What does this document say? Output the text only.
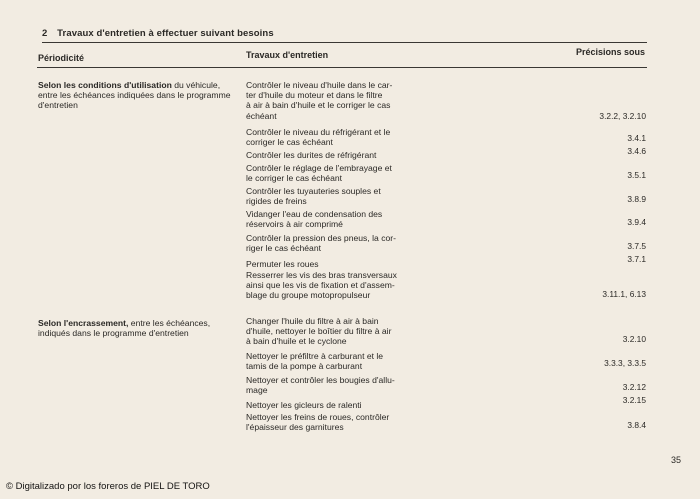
2 Travaux d'entretien à effectuer suivant besoins
Périodicité	Travaux d'entretien	Précisions sous
Selon les conditions d'utilisation du véhicule, entre les échéances indiquées dans le programme d'entretien
Contrôler le niveau d'huile dans le car-
ter d'huile du moteur et dans le filtre
à air à bain d'huile et le corriger le cas
échéant	3.2.2, 3.2.10
Contrôler le niveau du réfrigérant et le
corriger le cas échéant	3.4.1
Contrôler les durites de réfrigérant	3.4.6
Contrôler le réglage de l'embrayage et
le corriger le cas échéant	3.5.1
Contrôler les tuyauteries souples et
rigides de freins	3.8.9
Vidanger l'eau de condensation des
réservoirs à air comprimé	3.9.4
Contrôler la pression des pneus, la cor-
riger le cas échéant	3.7.5
Permuter les roues	3.7.1
Resserrer les vis des bras transversaux
ainsi que les vis de fixation et d'assem-
blage du groupe motopropulseur	3.11.1, 6.13
Selon l'encrassement, entre les échéances, indiqués dans le programme d'entretien
Changer l'huile du filtre à air à bain
d'huile, nettoyer le boîtier du filtre à air
à bain d'huile et le cyclone	3.2.10
Nettoyer le préfiltre à carburant et le
tamis de la pompe à carburant	3.3.3, 3.3.5
Nettoyer et contrôler les bougies d'allu-
mage	3.2.12
Nettoyer les gicleurs de ralenti	3.2.15
Nettoyer les freins de roues, contrôler
l'épaisseur des garnitures	3.8.4
35
© Digitalizado por los foreros de PIEL DE TORO
